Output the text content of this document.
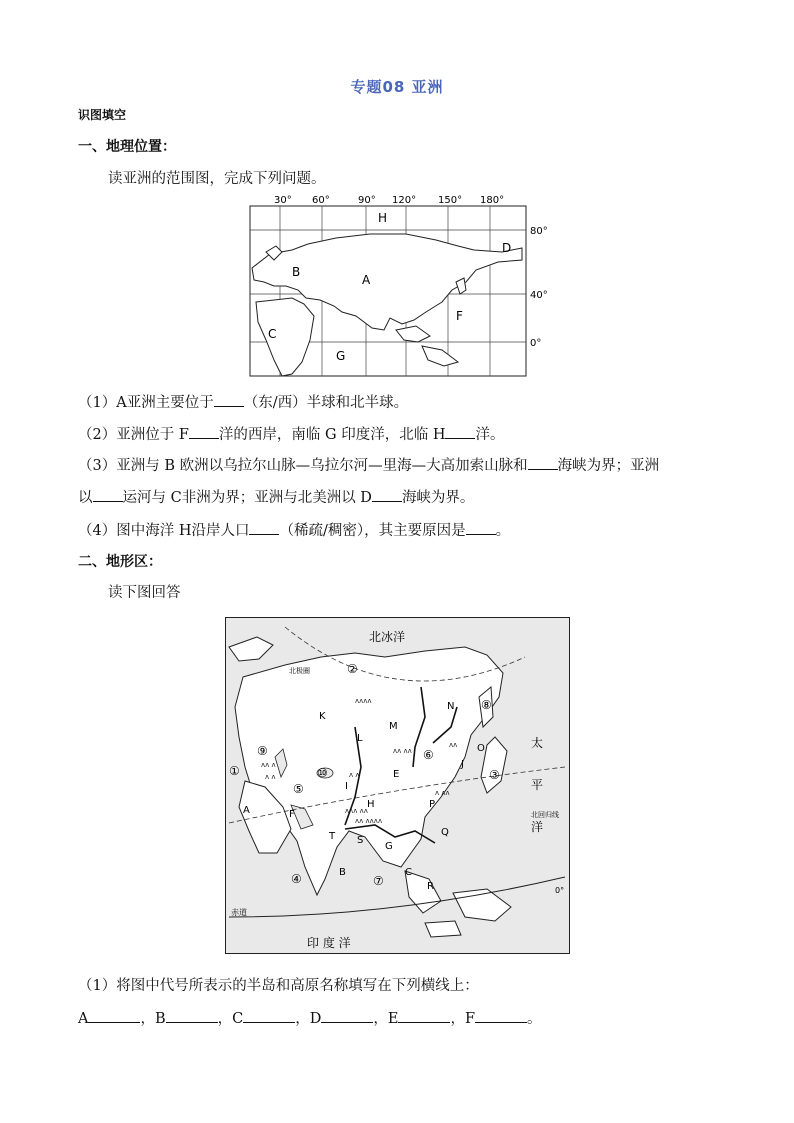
专题08 亚洲
识图填空
一、地理位置：
读亚洲的范围图，完成下列问题。
30° 60°	90° 120° 150° 180°
80°
40°
0°
H
D
B
A
F
C
G
（1）A亚洲主要位于 （东/西）半球和北半球。
（2）亚洲位于 F 洋的西岸，南临 G 印度洋，北临 H 洋。
（3）亚洲与 B 欧洲以乌拉尔山脉—乌拉尔河—里海—大高加索山脉和 海峡为界；亚洲
以 运河与 C非洲为界；亚洲与北美洲以 D 海峡为界。
（4）图中海洋 H沿岸人口 （稀疏/稠密），其主要原因是 。
二、地形区：
读下图回答
ʌʌ ʌ
ʌ ʌ
ʌʌʌʌ
ʌʌ ʌʌ
ʌ ʌ
ʌʌʌ ʌʌ
ʌʌ ʌʌʌʌ
ʌʌ
ʌ ʌʌ
北冰洋
太
平
洋
印 度 洋
北极圈
北回归线
赤道
0°
K
M
N
L
E
J
I
H	P
A	F
T S
G
Q
B	C
R
O
②
⑧
⑥
③
⑨
①	⑩
⑤
④	⑦
（1）将图中代号所表示的半岛和高原名称填写在下列横线上：
A	，B	，C	，D	，E	，F	。
